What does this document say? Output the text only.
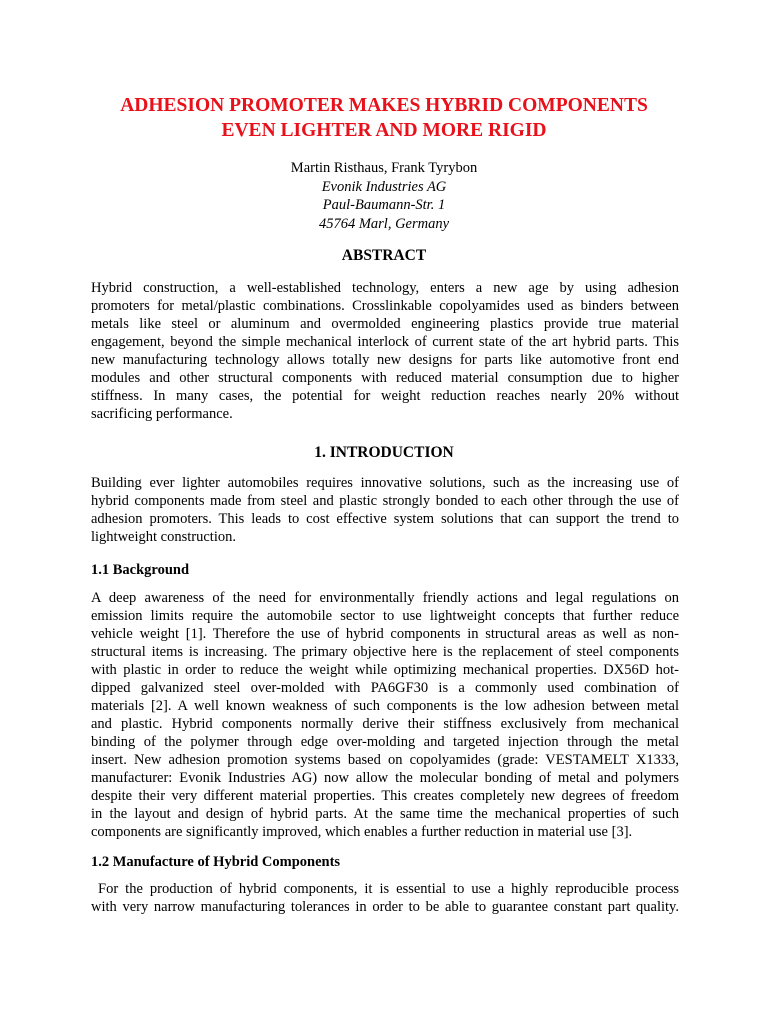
ADHESION PROMOTER MAKES HYBRID COMPONENTS
EVEN LIGHTER AND MORE RIGID
Martin Risthaus, Frank Tyrybon
Evonik Industries AG
Paul-Baumann-Str. 1
45764 Marl, Germany
ABSTRACT
Hybrid construction, a well-established technology, enters a new age by using adhesion
promoters for metal/plastic combinations. Crosslinkable copolyamides used as binders between
metals like steel or aluminum and overmolded engineering plastics provide true material
engagement, beyond the simple mechanical interlock of current state of the art hybrid parts. This
new manufacturing technology allows totally new designs for parts like automotive front end
modules and other structural components with reduced material consumption due to higher
stiffness. In many cases, the potential for weight reduction reaches nearly 20% without
sacrificing performance.
1. INTRODUCTION
Building ever lighter automobiles requires innovative solutions, such as the increasing use of
hybrid components made from steel and plastic strongly bonded to each other through the use of
adhesion promoters. This leads to cost effective system solutions that can support the trend to
lightweight construction.
1.1 Background
A deep awareness of the need for environmentally friendly actions and legal regulations on
emission limits require the automobile sector to use lightweight concepts that further reduce
vehicle weight [1]. Therefore the use of hybrid components in structural areas as well as non-
structural items is increasing. The primary objective here is the replacement of steel components
with plastic in order to reduce the weight while optimizing mechanical properties. DX56D hot-
dipped galvanized steel over-molded with PA6GF30 is a commonly used combination of
materials [2]. A well known weakness of such components is the low adhesion between metal
and plastic. Hybrid components normally derive their stiffness exclusively from mechanical
binding of the polymer through edge over-molding and targeted injection through the metal
insert. New adhesion promotion systems based on copolyamides (grade: VESTAMELT X1333,
manufacturer: Evonik Industries AG) now allow the molecular bonding of metal and polymers
despite their very different material properties. This creates completely new degrees of freedom
in the layout and design of hybrid parts. At the same time the mechanical properties of such
components are significantly improved, which enables a further reduction in material use [3].
1.2 Manufacture of Hybrid Components
For the production of hybrid components, it is essential to use a highly reproducible process
with very narrow manufacturing tolerances in order to be able to guarantee constant part quality.
